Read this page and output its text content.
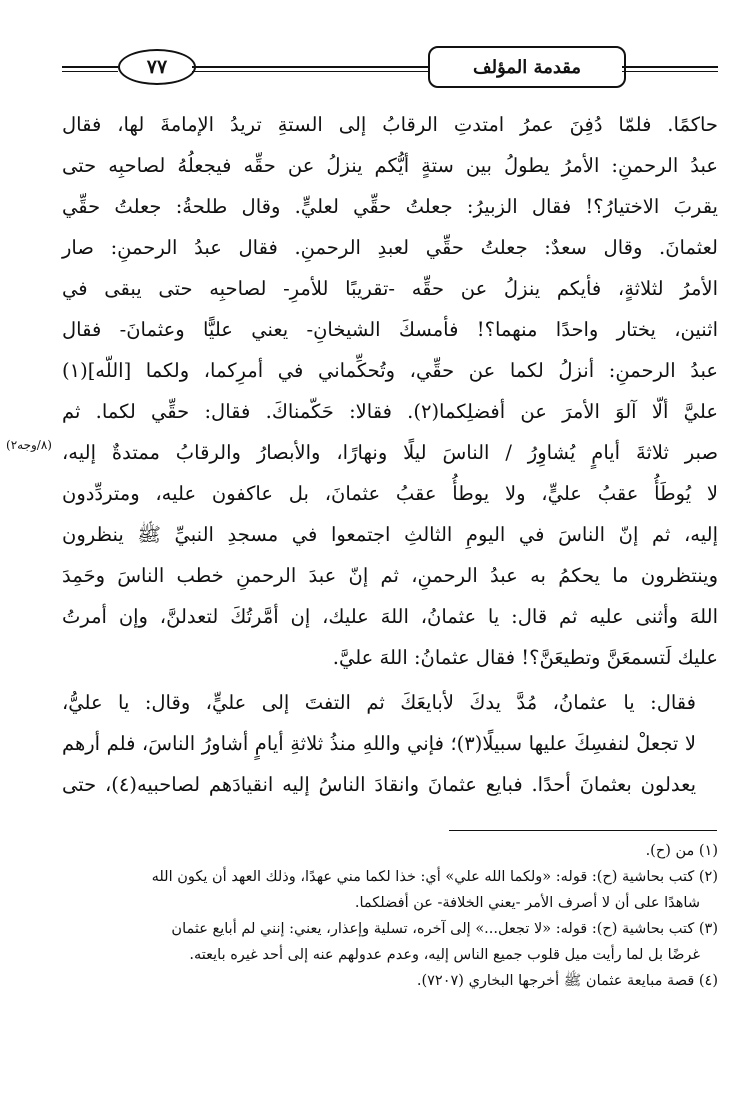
٧٧	مقدمة المؤلف

حاكمًا. فلمّا دُفِنَ عمرُ امتدتِ الرقابُ إلى الستةِ تريدُ الإمامةَ لها، فقال
عبدُ الرحمنِ: الأمرُ يطولُ بين ستةٍ أيُّكم ينزلُ عن حقِّه فيجعلُهُ لصاحبِه حتى
يقربَ الاختيارُ؟! فقال الزبيرُ: جعلتُ حقِّي لعليٍّ. وقال طلحةُ: جعلتُ حقِّي
لعثمانَ. وقال سعدٌ: جعلتُ حقِّي لعبدِ الرحمنِ. فقال عبدُ الرحمنِ: صار
الأمرُ لثلاثةٍ، فأيكم ينزلُ عن حقِّه -تقريبًا للأمرِ- لصاحبِه حتى يبقى في
اثنين، يختار واحدًا منهما؟! فأمسكَ الشيخانِ- يعني عليًّا وعثمانَ- فقال
عبدُ الرحمنِ: أنزلُ لكما عن حقِّي، وتُحكِّماني في أمرِكما، ولكما [اللّه](١)
عليَّ ألّا آلوَ الأمرَ عن أفضلِكما(٢). فقالا: حَكّمناكَ. فقال: حقِّي لكما. ثم
صبر ثلاثةَ أيامٍ يُشاوِرُ / الناسَ ليلًا ونهارًا، والأبصارُ والرقابُ ممتدةٌ إليه،
لا يُوطَأُ عقبُ عليٍّ، ولا يوطأُ عقبُ عثمانَ، بل عاكفون عليه، ومتردِّدون
إليه، ثم إنّ الناسَ في اليومِ الثالثِ اجتمعوا في مسجدِ النبيِّ ﷺ ينظرون
وينتظرون ما يحكمُ به عبدُ الرحمنِ، ثم إنّ عبدَ الرحمنِ خطب الناسَ وحَمِدَ
اللهَ وأثنى عليه ثم قال: يا عثمانُ، اللهَ عليك، إن أمَّرتُكَ لتعدلنَّ، وإن أمرتُ
عليك لَتسمعَنَّ وتطيعَنَّ؟! فقال عثمانُ: اللهَ عليَّ.

فقال: يا عثمانُ، مُدَّ يدكَ لأبايعَكَ ثم التفتَ إلى عليٍّ، وقال: يا عليُّ،
لا تجعلْ لنفسِكَ عليها سبيلًا(٣)؛ فإني واللهِ منذُ ثلاثةِ أيامٍ أشاورُ الناسَ، فلم أرهم
يعدلون بعثمانَ أحدًا. فبايع عثمانَ وانقادَ الناسُ إليه انقيادَهم لصاحبيه(٤)، حتى

(٨/وجه٢)

(١) من (ح).

(٢) كتب بحاشية (ح): قوله: «ولكما الله علي» أي: خذا لكما مني عهدًا، وذلك العهد أن يكون الله

شاهدًا على أن لا أصرف الأمر -يعني الخلافة- عن أفضلكما.

(٣) كتب بحاشية (ح): قوله: «لا تجعل...» إلى آخره، تسلية وإعذار، يعني: إنني لم أبايع عثمان

غرضًا بل لما رأيت ميل قلوب جميع الناس إليه، وعدم عدولهم عنه إلى أحد غيره بايعته.

(٤) قصة مبايعة عثمان ﷺ أخرجها البخاري (٧٢٠٧).
